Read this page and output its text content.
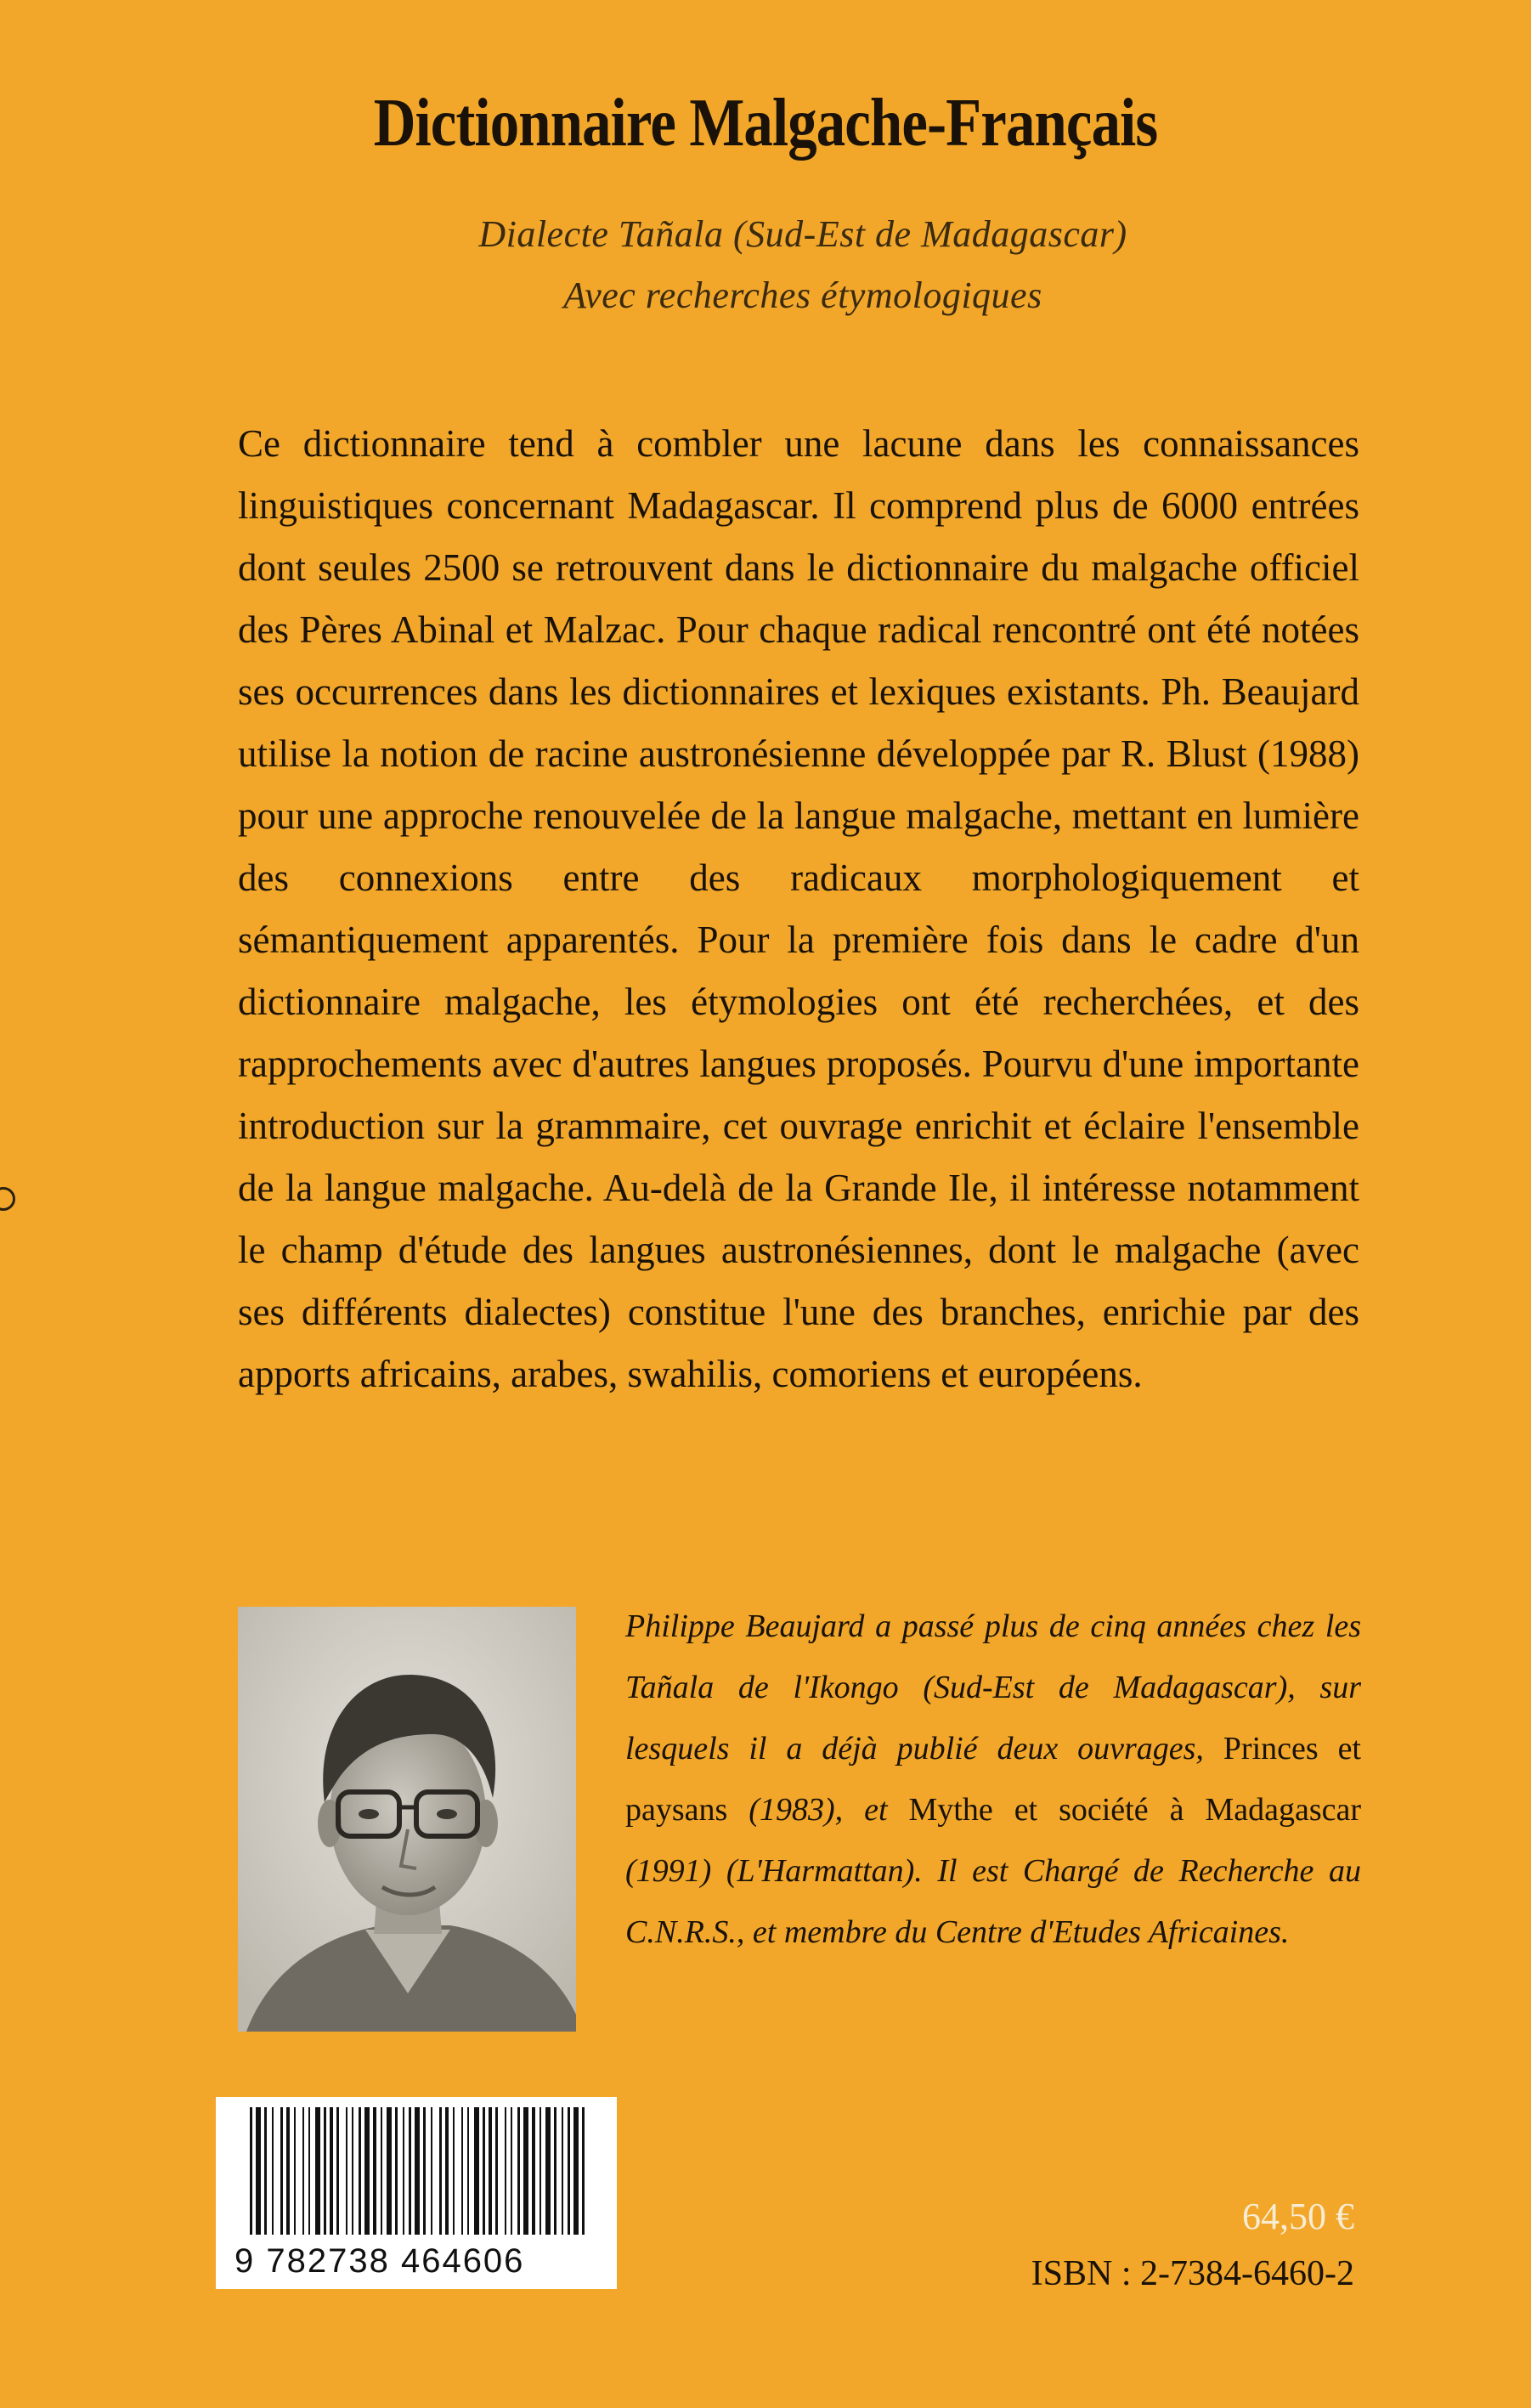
Dictionnaire Malgache-Français
Dialecte Tañala (Sud-Est de Madagascar)
Avec recherches étymologiques

Ce dictionnaire tend à combler une lacune dans les connaissances linguistiques concernant Madagascar. Il comprend plus de 6000 entrées dont seules 2500 se retrouvent dans le dictionnaire du malgache officiel des Pères Abinal et Malzac. Pour chaque radical rencontré ont été notées ses occurrences dans les dictionnaires et lexiques existants. Ph. Beaujard utilise la notion de racine austronésienne développée par R. Blust (1988) pour une approche renouvelée de la langue malgache, mettant en lumière des connexions entre des radicaux morphologiquement et sémantiquement apparentés. Pour la première fois dans le cadre d'un dictionnaire malgache, les étymologies ont été recherchées, et des rapprochements avec d'autres langues proposés. Pourvu d'une importante introduction sur la grammaire, cet ouvrage enrichit et éclaire l'ensemble de la langue malgache. Au-delà de la Grande Ile, il intéresse notamment le champ d'étude des langues austronésiennes, dont le malgache (avec ses différents dialectes) constitue l'une des branches, enrichie par des apports africains, arabes, swahilis, comoriens et européens.

Philippe Beaujard a passé plus de cinq années chez les Tañala de l'Ikongo (Sud-Est de Madagascar), sur lesquels il a déjà publié deux ouvrages, Princes et paysans (1983), et Mythe et société à Madagascar (1991) (L'Harmattan). Il est Chargé de Recherche au C.N.R.S., et membre du Centre d'Etudes Africaines.

9 782738 464606
64,50 €
ISBN : 2-7384-6460-2
